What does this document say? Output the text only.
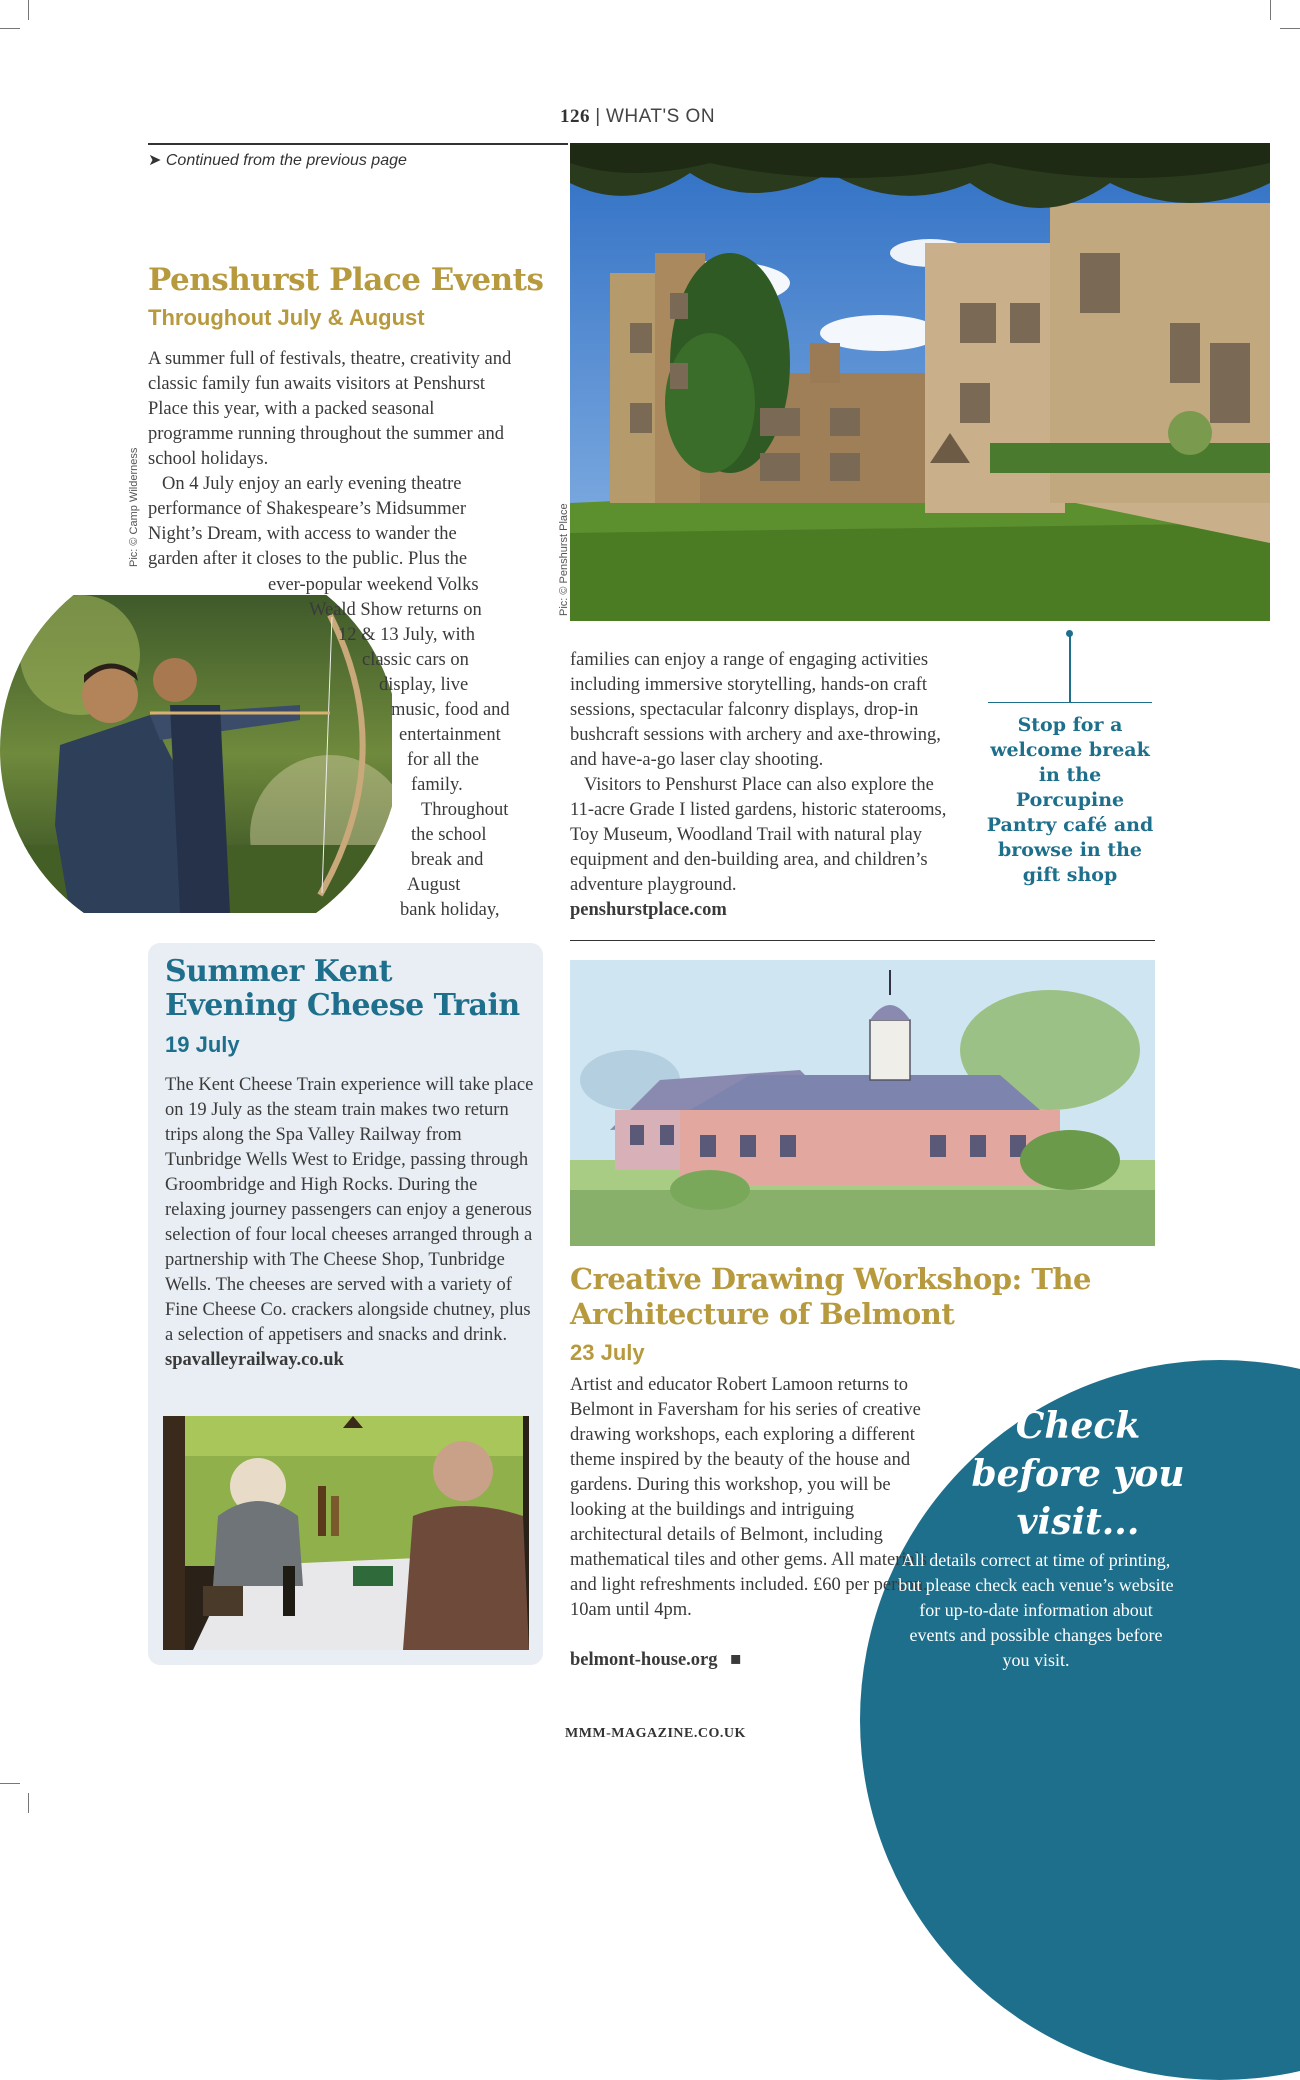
126 | WHAT'S ON
➤ Continued from the previous page
Penshurst Place Events
Throughout July & August
A summer full of festivals, theatre, creativity and classic family fun awaits visitors at Penshurst Place this year, with a packed seasonal programme running throughout the summer and school holidays.
On 4 July enjoy an early evening theatre
performance of Shakespeare’s Midsummer
Night’s Dream, with access to wander the
garden after it closes to the public. Plus the
Pic: © Camp Wilderness
ever-popular weekend Volks
Weald Show returns on
12 & 13 July, with
classic cars on
display, live
music, food and
entertainment
for all the
family.
Throughout
the school
break and
August
bank holiday,
Pic: © Penshurst Place
families can enjoy a range of engaging activities including immersive storytelling, hands-on craft sessions, spectacular falconry displays, drop-in bushcraft sessions with archery and axe-throwing, and have-a-go laser clay shooting.
Visitors to Penshurst Place can also explore the 11-acre Grade I listed gardens, historic staterooms, Toy Museum, Woodland Trail with natural play equipment and den-building area, and children’s adventure playground.
penshurstplace.com
Stop for a welcome break in the Porcupine Pantry café and browse in the gift shop
Summer Kent Evening Cheese Train
19 July
The Kent Cheese Train experience will take place on 19 July as the steam train makes two return trips along the Spa Valley Railway from Tunbridge Wells West to Eridge, passing through Groombridge and High Rocks. During the relaxing journey passengers can enjoy a generous selection of four local cheeses arranged through a partnership with The Cheese Shop, Tunbridge Wells. The cheeses are served with a variety of Fine Cheese Co. crackers alongside chutney, plus a selection of appetisers and snacks and drink.
spavalleyrailway.co.uk
Creative Drawing Workshop: The Architecture of Belmont
23 July
Artist and educator Robert Lamoon returns to Belmont in Faversham for his series of creative drawing workshops, each exploring a different theme inspired by the beauty of the house and gardens. During this workshop, you will be looking at the buildings and intriguing architectural details of Belmont, including mathematical tiles and other gems. All materials and light refreshments included. £60 per person. 10am until 4pm.
belmont-house.org ■
Check before you visit...
All details correct at time of printing, but please check each venue’s website for up-to-date information about events and possible changes before you visit.
MMM-MAGAZINE.CO.UK
